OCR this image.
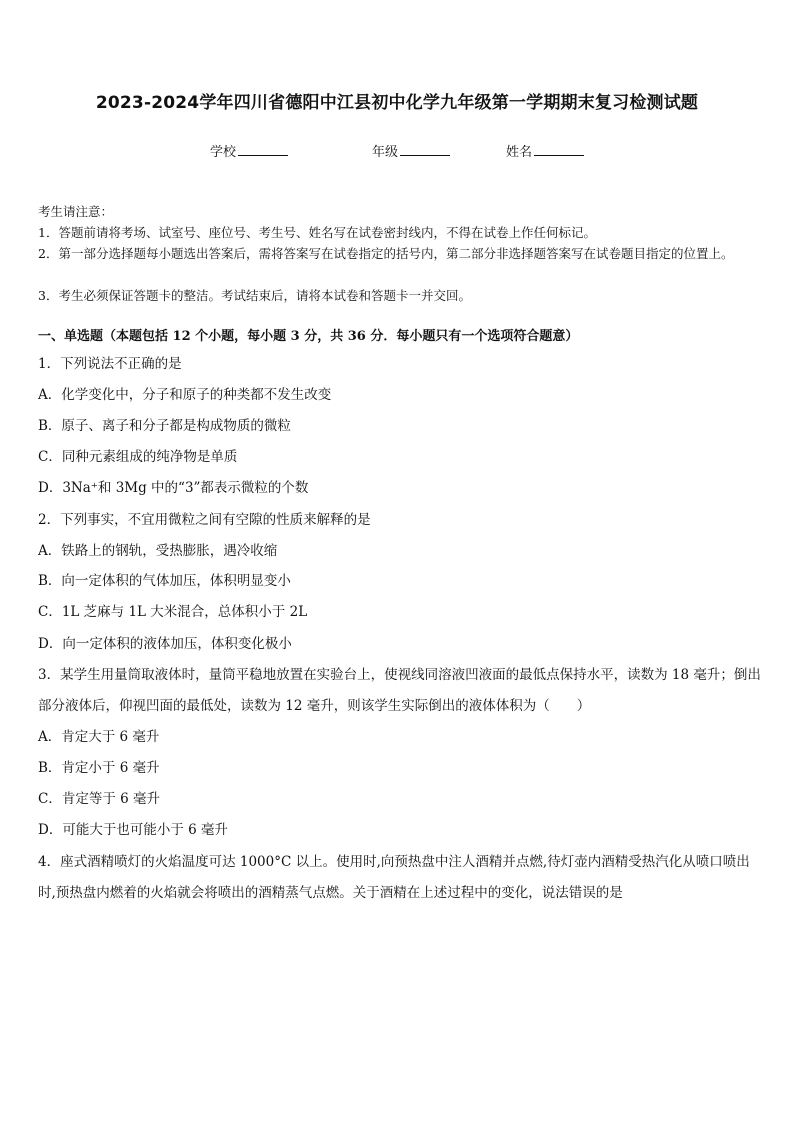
2023-2024学年四川省德阳中江县初中化学九年级第一学期期末复习检测试题
学校	年级	姓名
考生请注意：
1．答题前请将考场、试室号、座位号、考生号、姓名写在试卷密封线内，不得在试卷上作任何标记。
2．第一部分选择题每小题选出答案后，需将答案写在试卷指定的括号内，第二部分非选择题答案写在试卷题目指定的位置上。
3．考生必须保证答题卡的整洁。考试结束后，请将本试卷和答题卡一并交回。
一、单选题（本题包括 12 个小题，每小题 3 分，共 36 分．每小题只有一个选项符合题意）
1．下列说法不正确的是
A．化学变化中，分子和原子的种类都不发生改变
B．原子、离子和分子都是构成物质的微粒
C．同种元素组成的纯净物是单质
D．3Na⁺和 3Mg 中的“3”都表示微粒的个数
2．下列事实，不宜用微粒之间有空隙的性质来解释的是
B．向一定体积的气体加压，体积明显变小
A．铁路上的钢轨，受热膨胀，遇冷收缩
C．1L 芝麻与 1L 大米混合，总体积小于 2L
D．向一定体积的液体加压，体积变化极小
3．某学生用量筒取液体时，量筒平稳地放置在实验台上，使视线同溶液凹液面的最低点保持水平，读数为 18 毫升；倒出部分液体后，仰视凹面的最低处，读数为 12 毫升，则该学生实际倒出的液体体积为（　　）
A．肯定大于 6 毫升
B．肯定小于 6 毫升
C．肯定等于 6 毫升
D．可能大于也可能小于 6 毫升
4．座式酒精喷灯的火焰温度可达 1000°C 以上。使用时,向预热盘中注人酒精并点燃,待灯壶内酒精受热汽化从喷口喷出时,预热盘内燃着的火焰就会将喷出的酒精蒸气点燃。关于酒精在上述过程中的变化，说法错误的是
